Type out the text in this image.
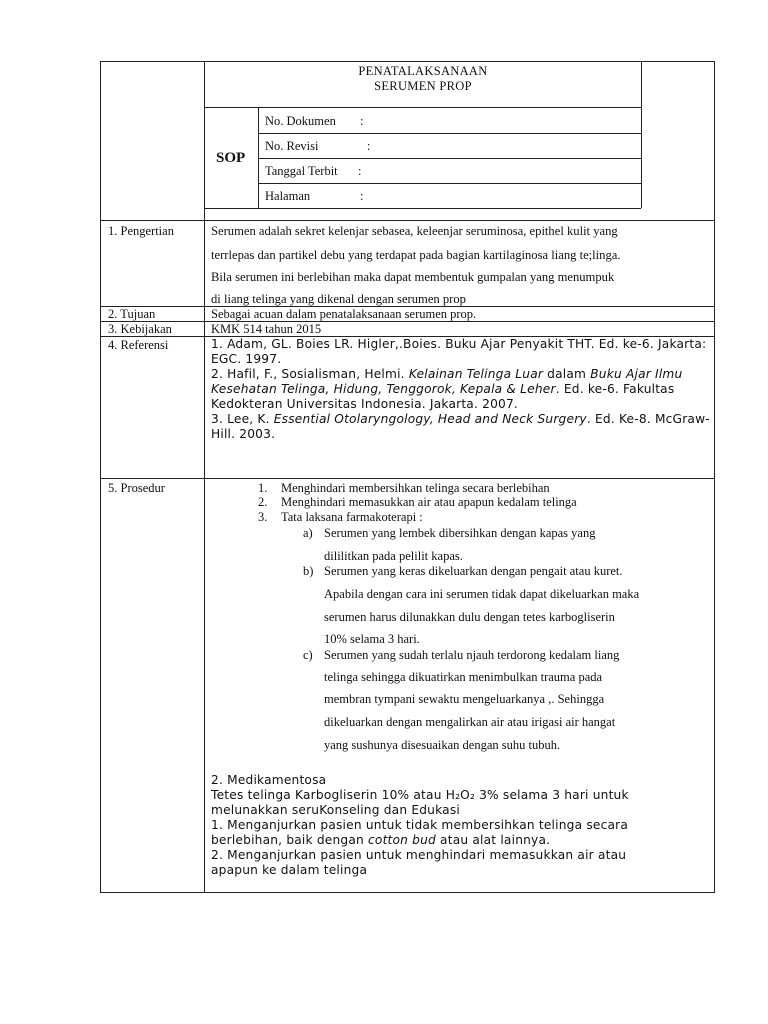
PENATALAKSANAAN
SERUMEN PROP
SOP
No. Dokumen :
No. Revisi	:
Tanggal Terbit :
Halaman	:
1. Pengertian
2. Tujuan
3. Kebijakan
4. Referensi
5. Prosedur
Serumen adalah sekret kelenjar sebasea, keleenjar seruminosa, epithel kulit yang
terrlepas dan partikel debu yang terdapat pada bagian kartilaginosa liang te;linga.
Bila serumen ini berlebihan maka dapat membentuk gumpalan yang menumpuk
di liang telinga yang dikenal dengan serumen prop
Sebagai acuan dalam penatalaksanaan serumen prop.
KMK 514 tahun 2015
1. Adam, GL. Boies LR. Higler,.Boies. Buku Ajar Penyakit THT. Ed. ke-6. Jakarta: EGC. 1997.
2. Hafil, F., Sosialisman, Helmi. Kelainan Telinga Luar dalam Buku Ajar Ilmu Kesehatan Telinga, Hidung, Tenggorok, Kepala & Leher. Ed. ke-6. Fakultas Kedokteran Universitas Indonesia. Jakarta. 2007.
3. Lee, K. Essential Otolaryngology, Head and Neck Surgery. Ed. Ke-8. McGraw-Hill. 2003.
1. Menghindari membersihkan telinga secara berlebihan
2. Menghindari memasukkan air atau apapun kedalam telinga
3. Tata laksana farmakoterapi :
a) Serumen yang lembek dibersihkan dengan kapas yang
dililitkan pada pelilit kapas.
b) Serumen yang keras dikeluarkan dengan pengait atau kuret.
Apabila dengan cara ini serumen tidak dapat dikeluarkan maka
serumen harus dilunakkan dulu dengan tetes karbogliserin
10% selama 3 hari.
c) Serumen yang sudah terlalu njauh terdorong kedalam liang
telinga sehingga dikuatirkan menimbulkan trauma pada
membran tympani sewaktu mengeluarkanya ,. Sehingga
dikeluarkan dengan mengalirkan air atau irigasi air hangat
yang sushunya disesuaikan dengan suhu tubuh.
2. Medikamentosa
Tetes telinga Karbogliserin 10% atau H₂O₂ 3% selama 3 hari untuk
melunakkan seruKonseling dan Edukasi
1. Menganjurkan pasien untuk tidak membersihkan telinga secara
berlebihan, baik dengan cotton bud atau alat lainnya.
2. Menganjurkan pasien untuk menghindari memasukkan air atau
apapun ke dalam telinga
